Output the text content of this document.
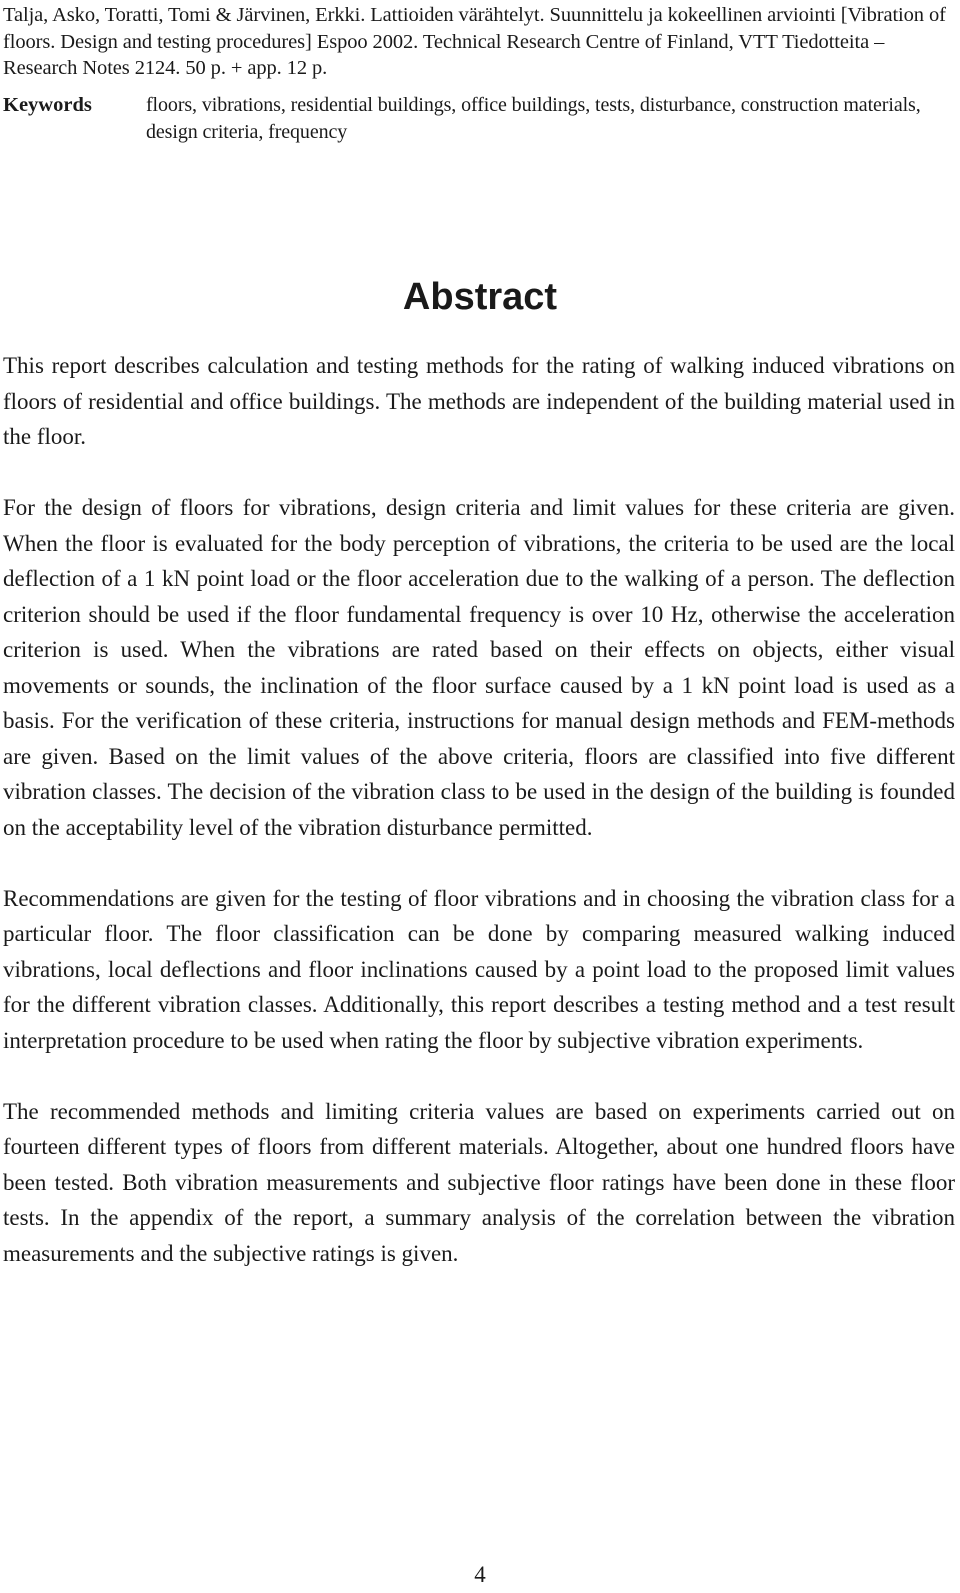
Talja, Asko, Toratti, Tomi & Järvinen, Erkki. Lattioiden värähtelyt. Suunnittelu ja kokeellinen arviointi [Vibration of floors. Design and testing procedures] Espoo 2002. Technical Research Centre of Finland, VTT Tiedotteita – Research Notes 2124. 50 p. + app. 12 p.
Keywords	floors, vibrations, residential buildings, office buildings, tests, disturbance, construction materials, design criteria, frequency
Abstract

This report describes calculation and testing methods for the rating of walking induced vibrations on floors of residential and office buildings. The methods are independent of the building material used in the floor.

For the design of floors for vibrations, design criteria and limit values for these criteria are given. When the floor is evaluated for the body perception of vibrations, the criteria to be used are the local deflection of a 1 kN point load or the floor acceleration due to the walking of a person. The deflection criterion should be used if the floor fundamental frequency is over 10 Hz, otherwise the acceleration criterion is used. When the vibrations are rated based on their effects on objects, either visual movements or sounds, the inclination of the floor surface caused by a 1 kN point load is used as a basis. For the verification of these criteria, instructions for manual design methods and FEM-methods are given. Based on the limit values of the above criteria, floors are classified into five different vibration classes. The decision of the vibration class to be used in the design of the building is founded on the acceptability level of the vibration disturbance permitted.

Recommendations are given for the testing of floor vibrations and in choosing the vibration class for a particular floor. The floor classification can be done by comparing measured walking induced vibrations, local deflections and floor inclinations caused by a point load to the proposed limit values for the different vibration classes. Additionally, this report describes a testing method and a test result interpretation procedure to be used when rating the floor by subjective vibration experiments.

The recommended methods and limiting criteria values are based on experiments carried out on fourteen different types of floors from different materials. Altogether, about one hundred floors have been tested. Both vibration measurements and subjective floor ratings have been done in these floor tests. In the appendix of the report, a summary analysis of the correlation between the vibration measurements and the subjective ratings is given.

4
